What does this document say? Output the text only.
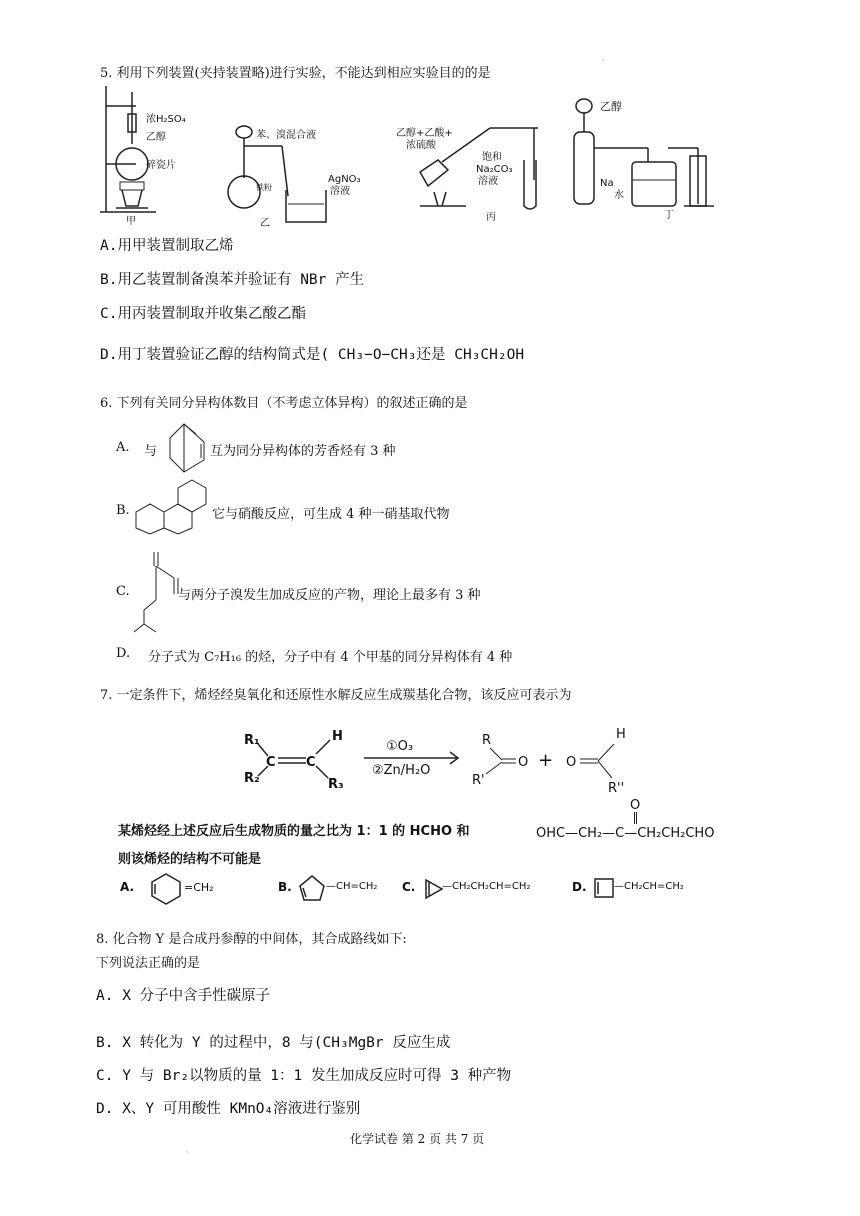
·
·
5. 利用下列装置(夹持装置略)进行实验，不能达到相应实验目的的是
浓H₂SO₄
乙醇
碎瓷片
甲
苯、溴混合液
铁粉
AgNO₃
溶液
乙
乙醇+乙酸+
浓硫酸
饱和
Na₂CO₃
溶液
丙
乙醇
Na
水
丁
A.用甲装置制取乙烯
B.用乙装置制备溴苯并验证有 NBr 产生
C.用丙装置制取并收集乙酸乙酯
D.用丁装置验证乙醇的结构简式是( CH₃−O−CH₃还是 CH₃CH₂OH
6. 下列有关同分异构体数目（不考虑立体异构）的叙述正确的是
A. 与	互为同分异构体的芳香烃有 3 种
B.	它与硝酸反应，可生成 4 种一硝基取代物
C.	与两分子溴发生加成反应的产物，理论上最多有 3 种
D. 分子式为 C₇H₁₆ 的烃，分子中有 4 个甲基的同分异构体有 4 种
7. 一定条件下，烯烃经臭氧化和还原性水解反应生成羰基化合物，该反应可表示为
R₁
C C
H
R₂	R₃
①O₃
②Zn/H₂O
R
R'
O +
H
O
R''
某烯烃经上述反应后生成物质的量之比为 1：1 的 HCHO 和
O
OHC—CH₂—C—CH₂CH₂CHO
则该烯烃的结构不可能是
A.	=CH₂	B.	—CH=CH₂ C.	—CH₂CH₂CH=CH₂	D.	—CH₂CH=CH₂
8. 化合物 Y 是合成丹参醇的中间体，其合成路线如下:
下列说法正确的是
A. X 分子中含手性碳原子
B. X 转化为 Y 的过程中，8 与(CH₃MgBr 反应生成
C. Y 与 Br₂以物质的量 1：1 发生加成反应时可得 3 种产物
D. X、Y 可用酸性 KMnO₄溶液进行鉴别
化学试卷 第 2 页 共 7 页
